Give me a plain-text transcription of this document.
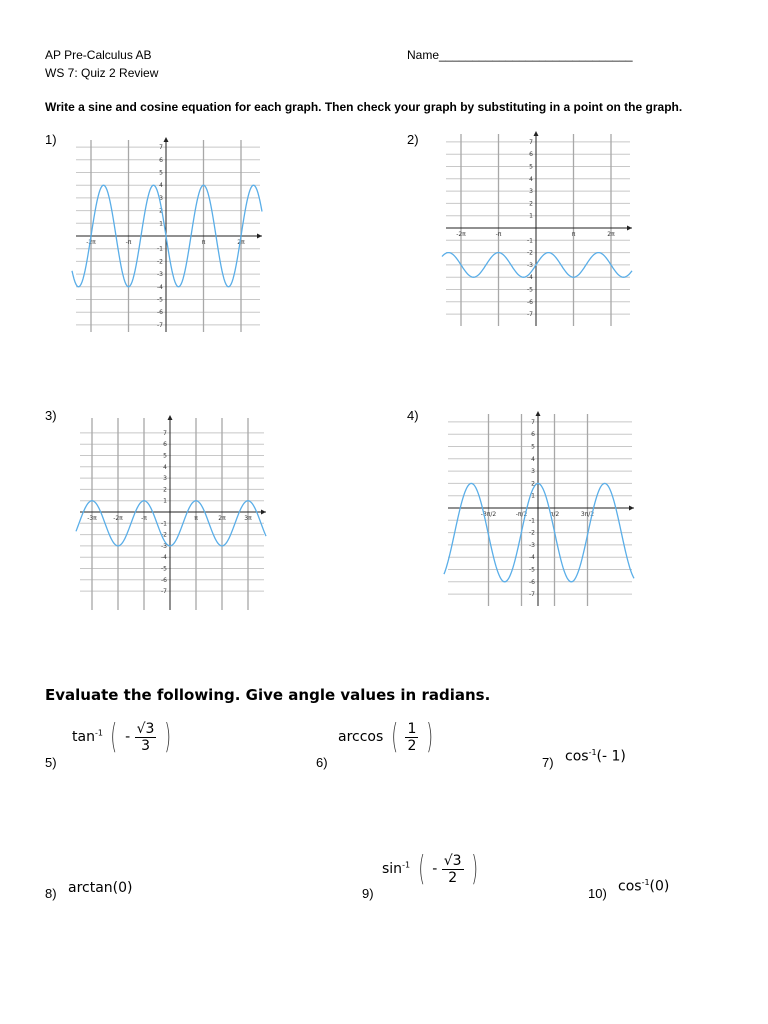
AP Pre-Calculus AB
WS 7: Quiz 2 Review
Name_____________________________
Write a sine and cosine equation for each graph. Then check your graph by substituting in a point on the graph.
1)	2)
3)	4)
7
6
5
4
3
2
1
-1
-2
-3
-4
-5
-6
-7
-2π	-π	π	2π
7
6
5
4
3
2
1
-1
-2
-3
-4
-5
-6
-7
-2π	-π	π	2π
7
6
5
4
3
2
1
-1
-2
-3
-4
-5
-6
-7
-3π	-2π	-π	π	2π	3π
7
6
5
4
3
2
1
-1
-2
-3
-4
-5
-6
-7
-3π/2	-π/2	π/2	3π/2
Evaluate the following. Give angle values in radians.
5)
$\tan^{-1}$ ( - $\frac{√3}{3}$ )
6)
arccos ( $\frac{1}{2}$ )
7) $\cos^{-1}(-$ 1)
8) arctan(0)	9)
$\sin^{-1}$ ( - $\frac{√3}{2}$ )
10) $\cos^{-1}(0)$
